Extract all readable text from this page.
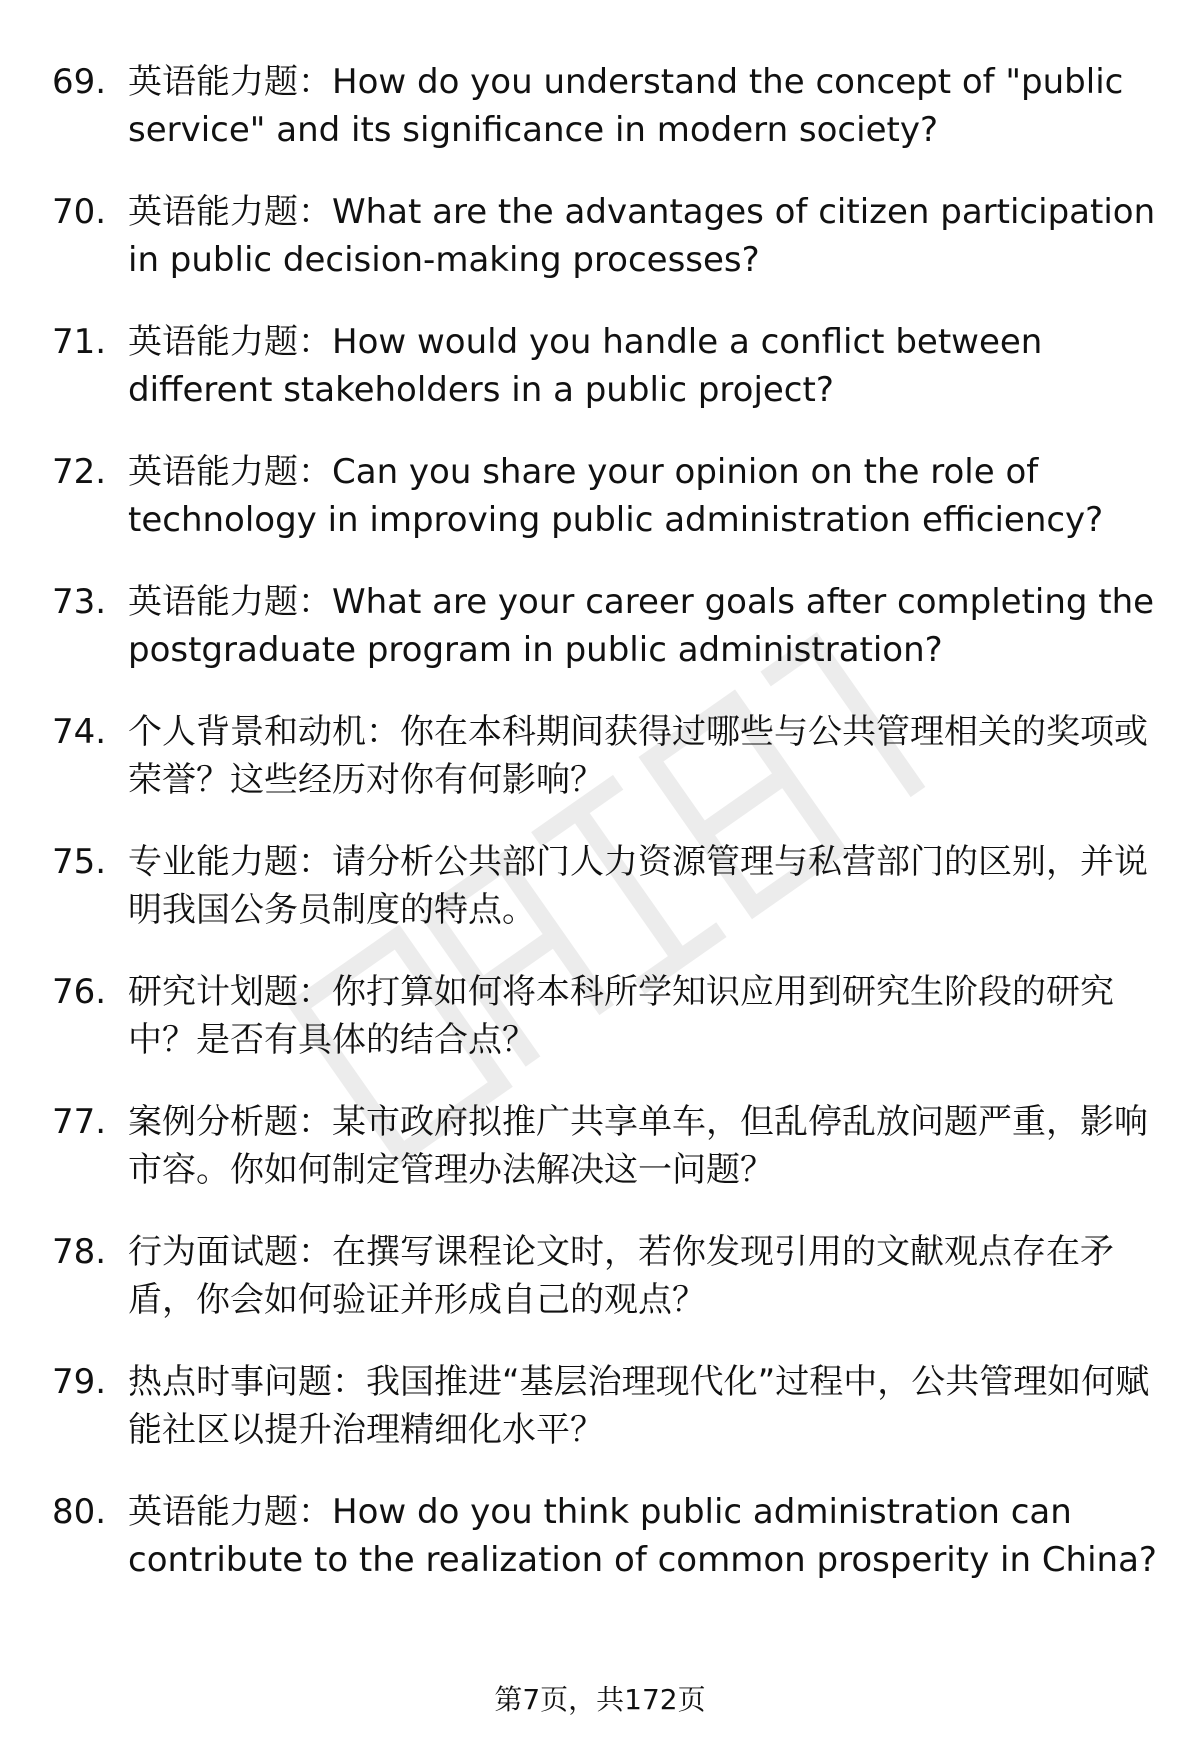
69. 英语能力题：How do you understand the concept of "public service" and its significance in modern society?
70. 英语能力题：What are the advantages of citizen participation in public decision-making processes?
71. 英语能力题：How would you handle a conflict between different stakeholders in a public project?
72. 英语能力题：Can you share your opinion on the role of technology in improving public administration efficiency?
73. 英语能力题：What are your career goals after completing the postgraduate program in public administration?
74. 个人背景和动机：你在本科期间获得过哪些与公共管理相关的奖项或荣誉？这些经历对你有何影响？
75. 专业能力题：请分析公共部门人力资源管理与私营部门的区别，并说明我国公务员制度的特点。
76. 研究计划题：你打算如何将本科所学知识应用到研究生阶段的研究中？是否有具体的结合点？
77. 案例分析题：某市政府拟推广共享单车，但乱停乱放问题严重，影响市容。你如何制定管理办法解决这一问题？
78. 行为面试题：在撰写课程论文时，若你发现引用的文献观点存在矛盾，你会如何验证并形成自己的观点？
79. 热点时事问题：我国推进“基层治理现代化”过程中，公共管理如何赋能社区以提升治理精细化水平？
80. 英语能力题：How do you think public administration can contribute to the realization of common prosperity in China?
第7页，共172页
